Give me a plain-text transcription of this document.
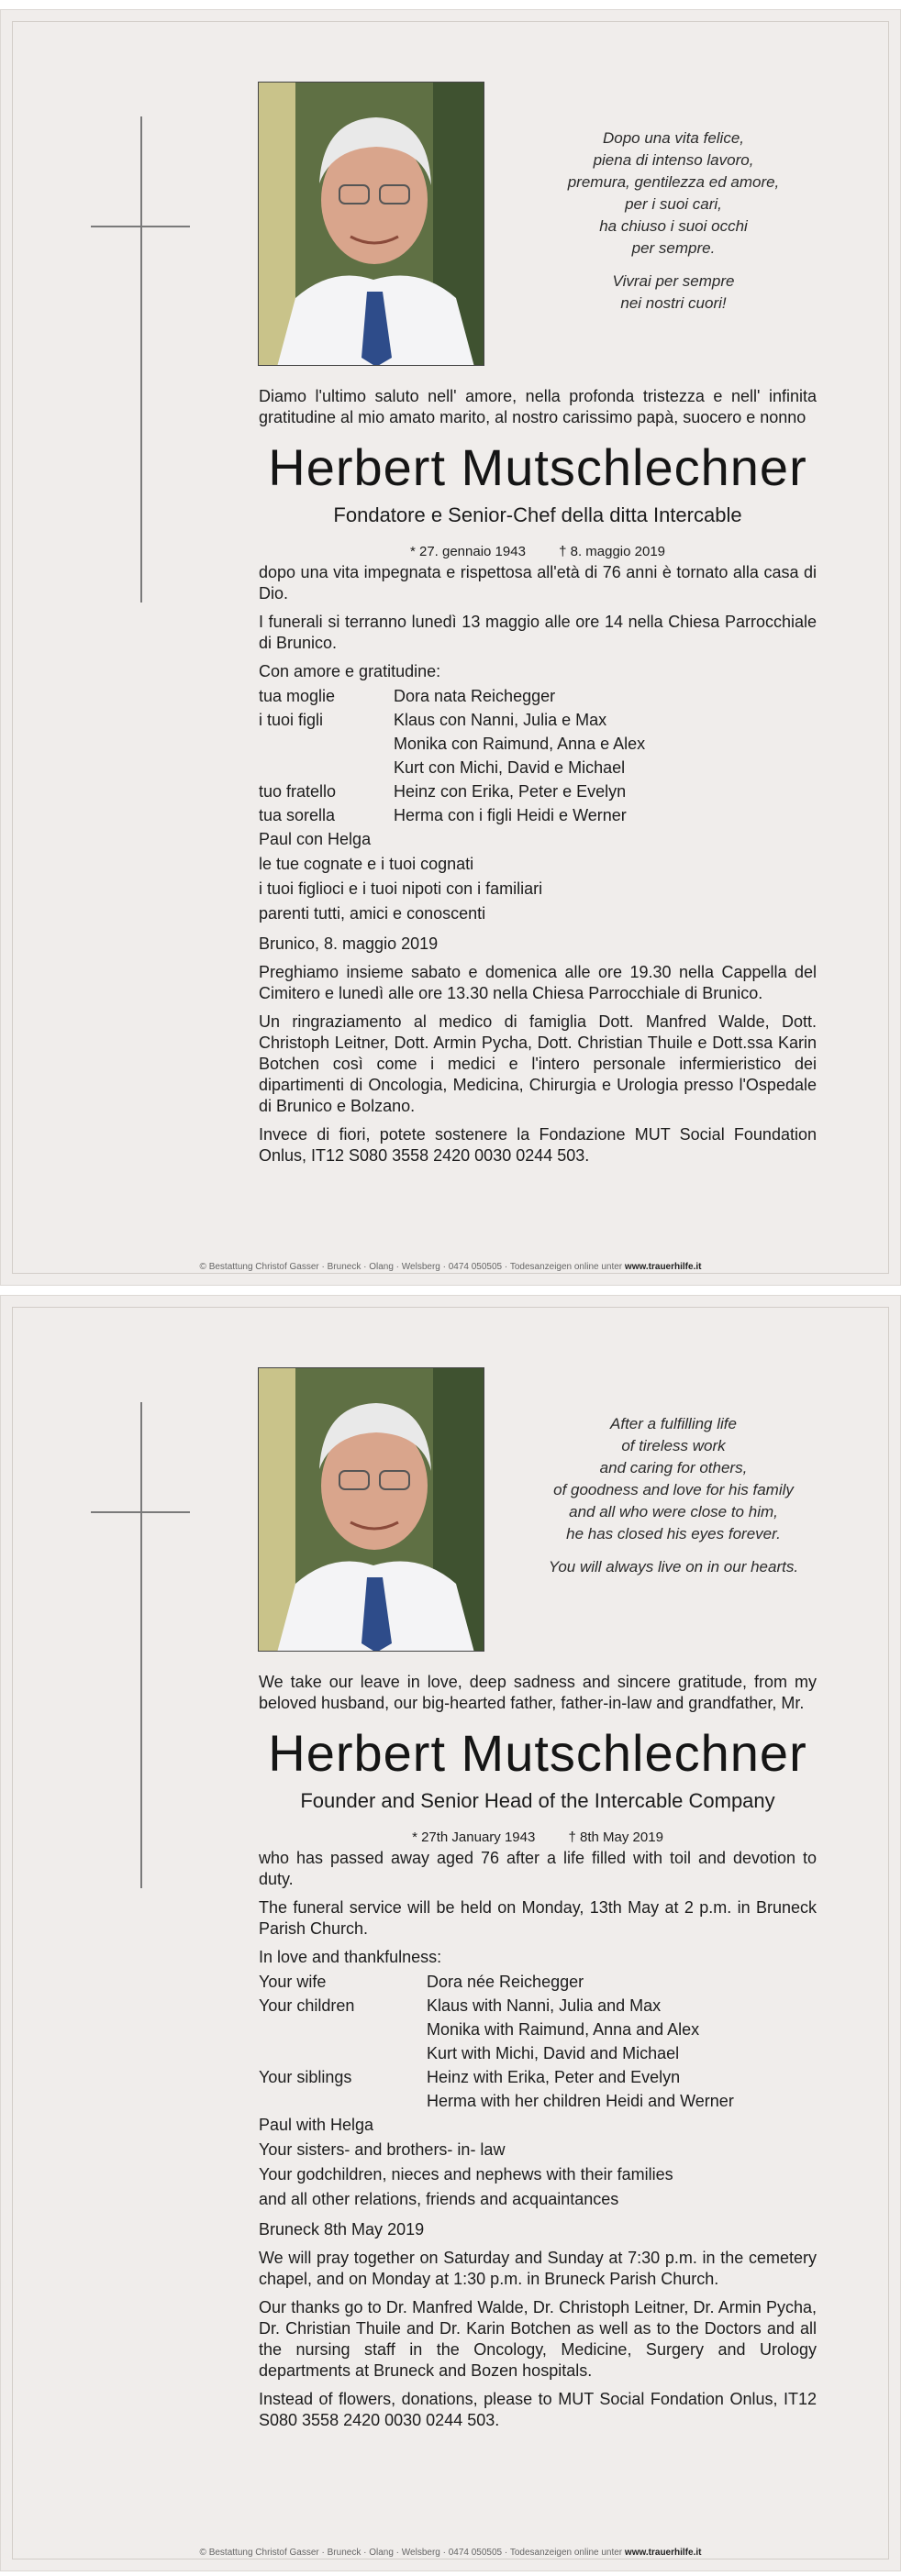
Dopo una vita felice,
piena di intenso lavoro,
premura, gentilezza ed amore,
per i suoi cari,
ha chiuso i suoi occhi
per sempre.
Vivrai per sempre
nei nostri cuori!
Diamo l'ultimo saluto nell' amore, nella profonda tristezza e nell' infinita gratitudine al mio amato marito, al nostro carissimo papà, suocero e nonno
Herbert Mutschlechner
Fondatore e Senior-Chef della ditta Intercable
* 27. gennaio 1943 † 8. maggio 2019
dopo una vita impegnata e rispettosa all'età di 76 anni è tornato alla casa di Dio.
I funerali si terranno lunedì 13 maggio alle ore 14 nella Chiesa Parrocchiale di Brunico.
Con amore e gratitudine:
tua moglie	Dora nata Reichegger
i tuoi figli	Klaus con Nanni, Julia e Max
Monika con Raimund, Anna e Alex
Kurt con Michi, David e Michael
tuo fratello	Heinz con Erika, Peter e Evelyn
tua sorella	Herma con i figli Heidi e Werner
Paul con Helga
le tue cognate e i tuoi cognati
i tuoi figlioci e i tuoi nipoti con i familiari
parenti tutti, amici e conoscenti
Brunico, 8. maggio 2019
Preghiamo insieme sabato e domenica alle ore 19.30 nella Cappella del Cimitero e lunedì alle ore 13.30 nella Chiesa Parrocchiale di Brunico.
Un ringraziamento al medico di famiglia Dott. Manfred Walde, Dott. Christoph Leitner, Dott. Armin Pycha, Dott. Christian Thuile e Dott.ssa Karin Botchen così come i medici e l'intero personale infermieristico dei dipartimenti di Oncologia, Medicina, Chirurgia e Urologia presso l'Ospedale di Brunico e Bolzano.
Invece di fiori, potete sostenere la Fondazione MUT Social Foundation Onlus, IT12 S080 3558 2420 0030 0244 503.
© Bestattung Christof Gasser · Bruneck · Olang · Welsberg · 0474 050505 · Todesanzeigen online unter www.trauerhilfe.it
After a fulfilling life
of tireless work
and caring for others,
of goodness and love for his family
and all who were close to him,
he has closed his eyes forever.
You will always live on in our hearts.
We take our leave in love, deep sadness and sincere gratitude, from my beloved husband, our big-hearted father, father-in-law and grandfather, Mr.
Herbert Mutschlechner
Founder and Senior Head of the Intercable Company
* 27th January 1943 † 8th May 2019
who has passed away aged 76 after a life filled with toil and devotion to duty.
The funeral service will be held on Monday, 13th May at 2 p.m. in Bruneck Parish Church.
In love and thankfulness:
Your wife	Dora née Reichegger
Your children	Klaus with Nanni, Julia and Max
Monika with Raimund, Anna and Alex
Kurt with Michi, David and Michael
Your siblings	Heinz with Erika, Peter and Evelyn
Herma with her children Heidi and Werner
Paul with Helga
Your sisters- and brothers- in- law
Your godchildren, nieces and nephews with their families
and all other relations, friends and acquaintances
Bruneck 8th May 2019
We will pray together on Saturday and Sunday at 7:30 p.m. in the cemetery chapel, and on Monday at 1:30 p.m. in Bruneck Parish Church.
Our thanks go to Dr. Manfred Walde, Dr. Christoph Leitner, Dr. Armin Pycha, Dr. Christian Thuile and Dr. Karin Botchen as well as to the Doctors and all the nursing staff in the Oncology, Medicine, Surgery and Urology departments at Bruneck and Bozen hospitals.
Instead of flowers, donations, please to MUT Social Fondation Onlus, IT12 S080 3558 2420 0030 0244 503.
© Bestattung Christof Gasser · Bruneck · Olang · Welsberg · 0474 050505 · Todesanzeigen online unter www.trauerhilfe.it
